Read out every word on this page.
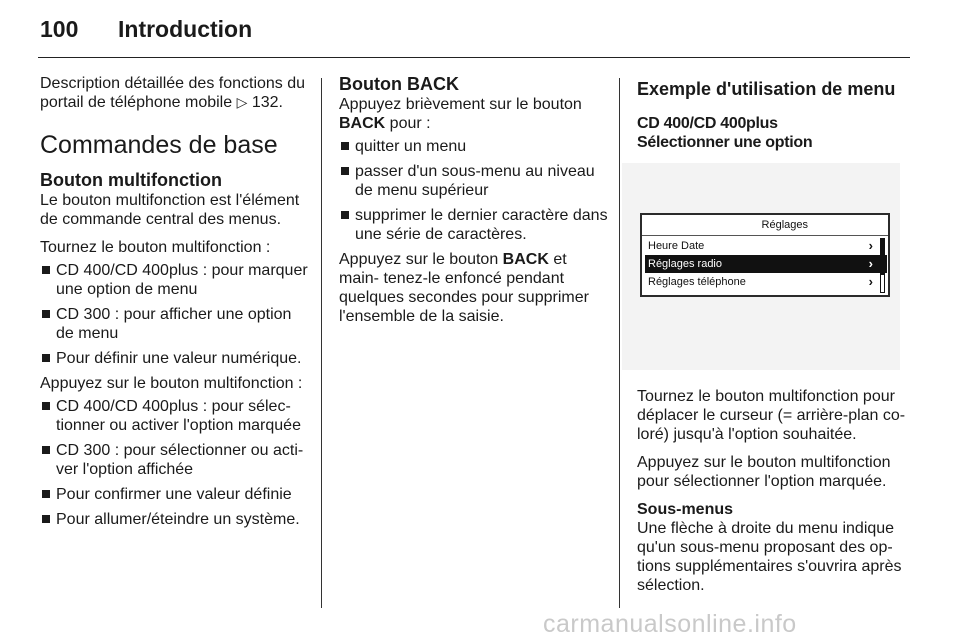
100 Introduction

Description détaillée des fonctions du portail de téléphone mobile ▷ 132.

Commandes de base
Bouton multifonction

Le bouton multifonction est l'élément de commande central des menus.

Tournez le bouton multifonction :

CD 400/CD 400plus : pour marquer une option de menu
CD 300 : pour afficher une option de menu
Pour définir une valeur numérique.

Appuyez sur le bouton multifonction :

CD 400/CD 400plus : pour sélec‑ tionner ou activer l'option marquée
CD 300 : pour sélectionner ou acti‑ ver l'option affichée
Pour confirmer une valeur définie
Pour allumer/éteindre un système.
Bouton BACK

Appuyez brièvement sur le bouton BACK pour :

quitter un menu
passer d'un sous-menu au niveau de menu supérieur
supprimer le dernier caractère dans une série de caractères.

Appuyez sur le bouton BACK et main‑ tenez-le enfoncé pendant quelques secondes pour supprimer l'ensemble de la saisie.

Exemple d'utilisation de menu
CD 400/CD 400plus
Sélectionner une option
Réglages
Heure Date	›
Réglages radio	›
Réglages téléphone	›

Tournez le bouton multifonction pour déplacer le curseur (= arrière-plan co‑ loré) jusqu'à l'option souhaitée.

Appuyez sur le bouton multifonction pour sélectionner l'option marquée.

Sous-menus

Une flèche à droite du menu indique qu'un sous-menu proposant des op‑ tions supplémentaires s'ouvrira après sélection.

carmanualsonline.info
